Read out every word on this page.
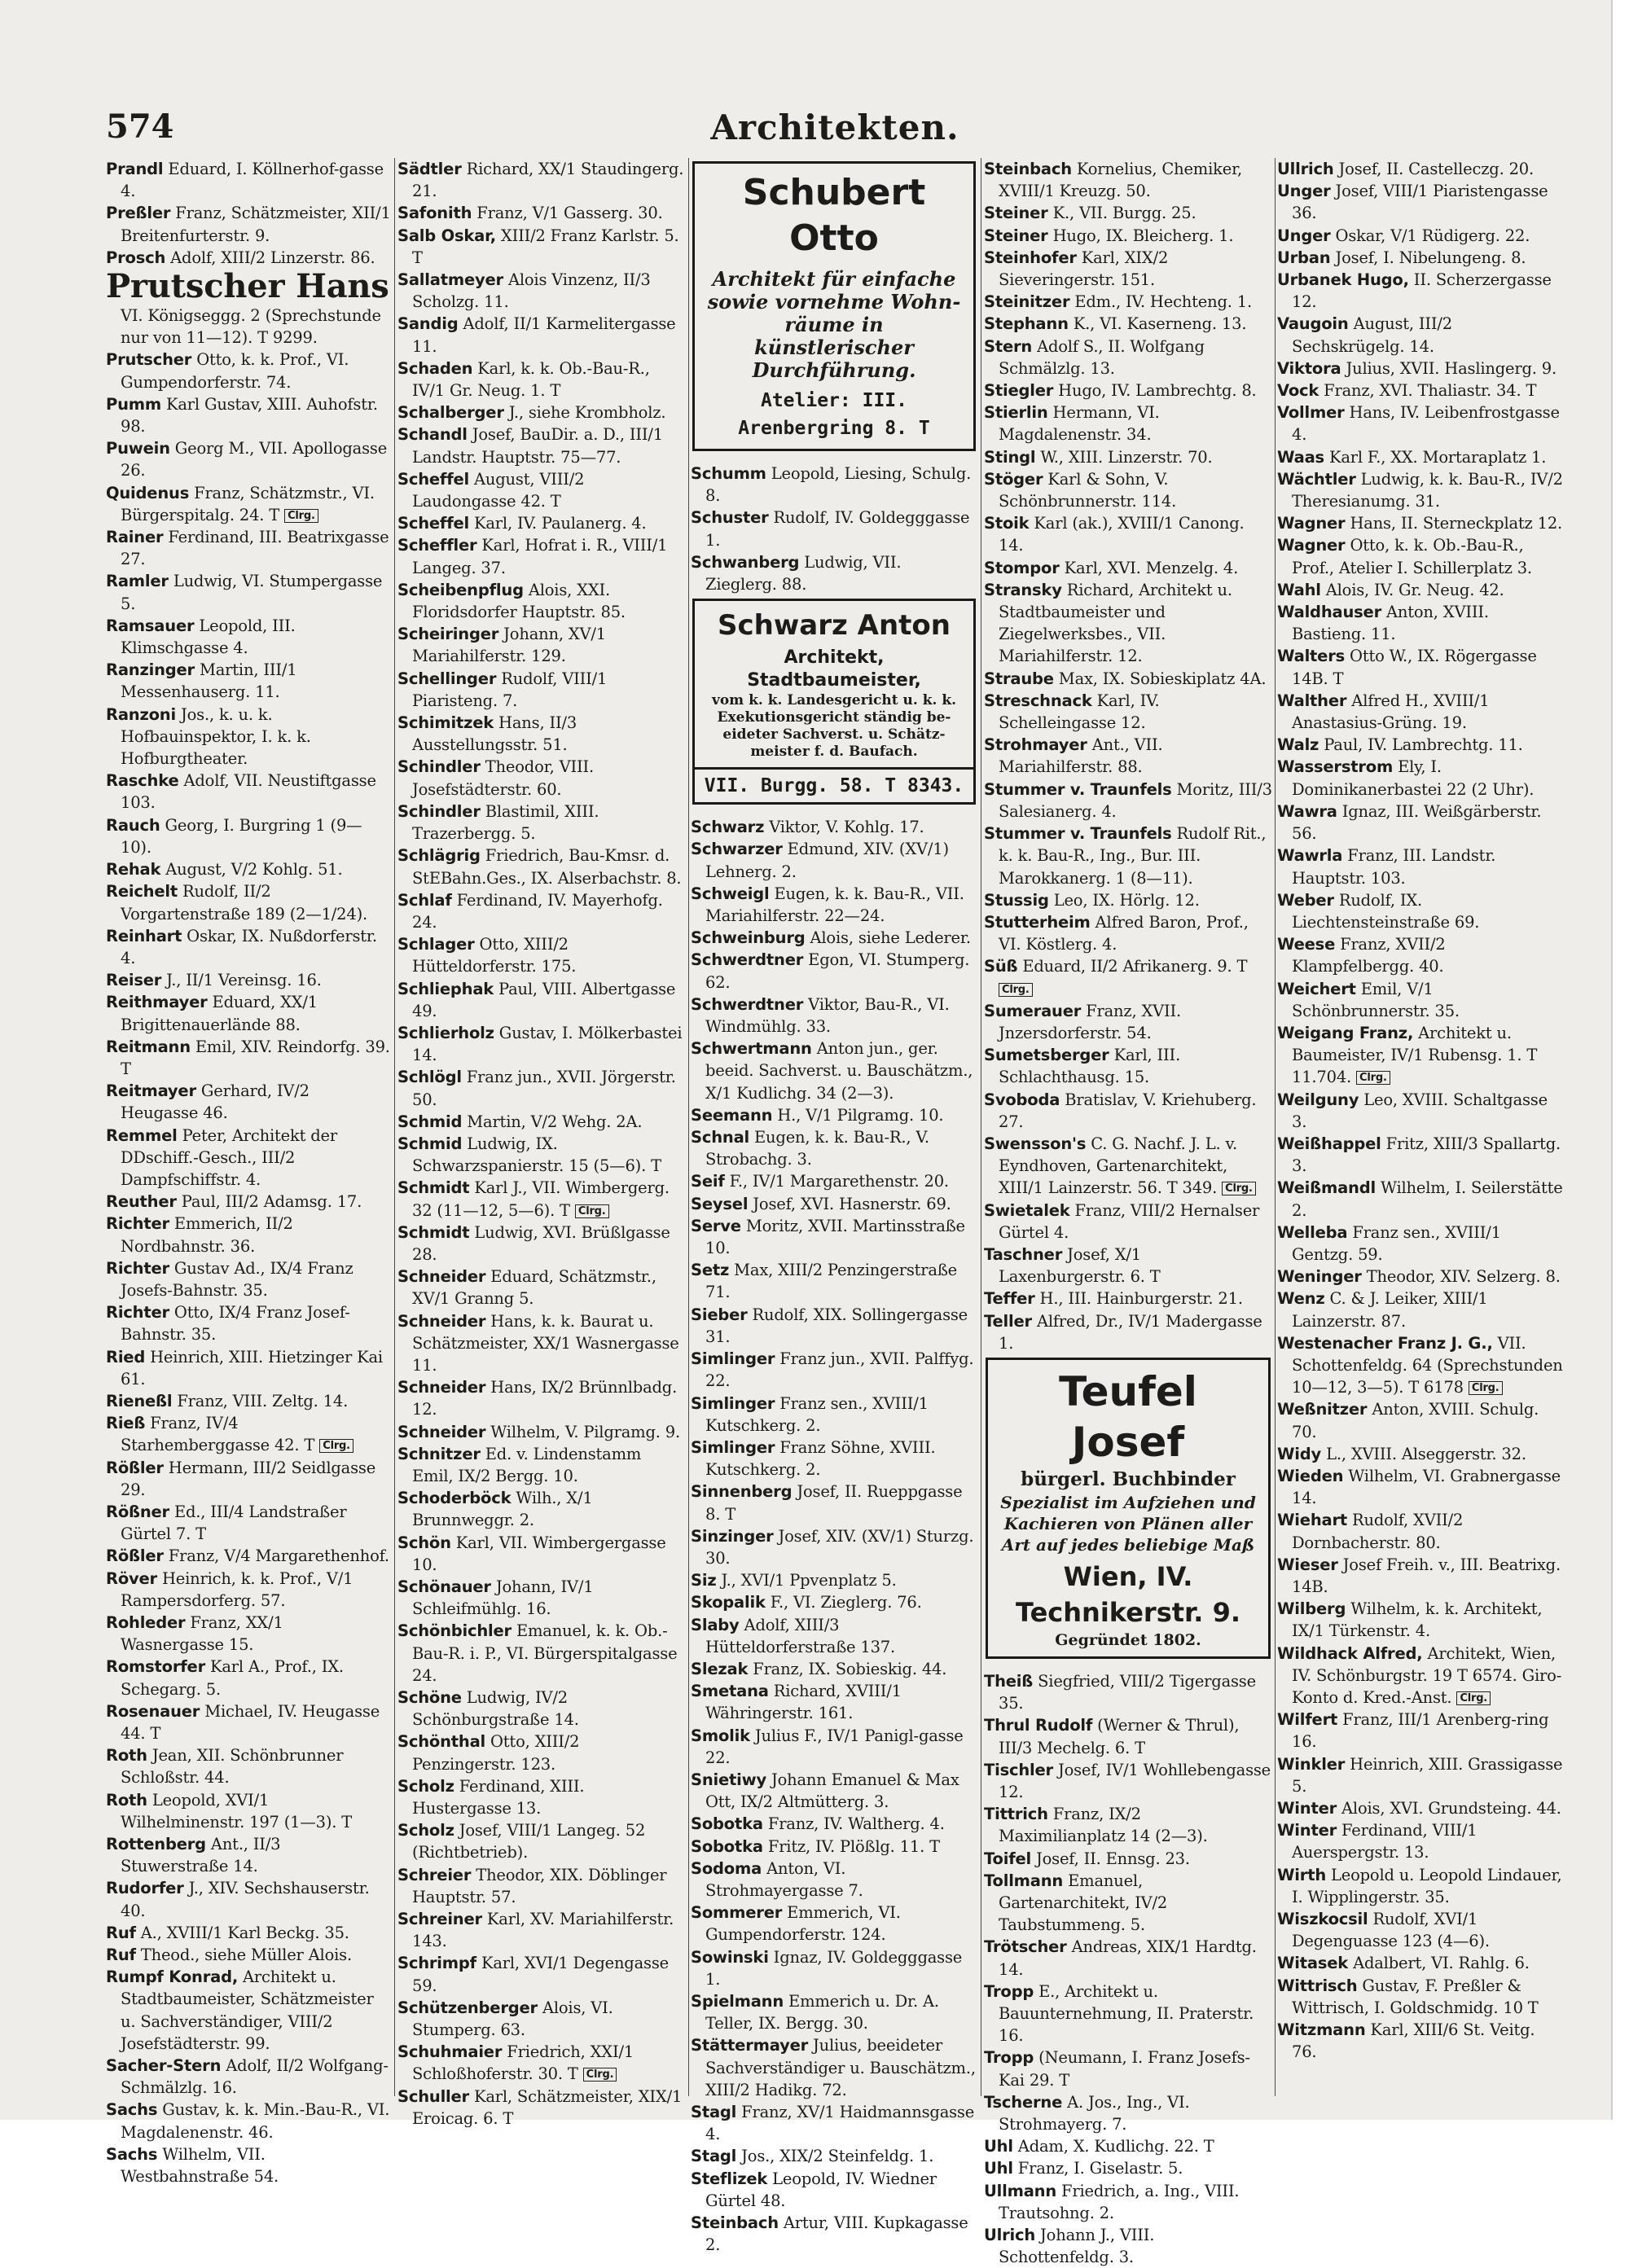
574	Architekten.
Prandl Eduard, I. Köllnerhof-gasse 4.
Preßler Franz, Schätzmeister, XII/1 Breitenfurterstr. 9.
Prosch Adolf, XIII/2 Linzerstr. 86.
Prutscher Hans
VI. Königseggg. 2 (Sprechstunde nur von 11—12). T 9299.
Prutscher Otto, k. k. Prof., VI. Gumpendorferstr. 74.
Pumm Karl Gustav, XIII. Auhofstr. 98.
Puwein Georg M., VII. Apollogasse 26.
Quidenus Franz, Schätzmstr., VI. Bürgerspitalg. 24. T Clrg.
Rainer Ferdinand, III. Beatrixgasse 27.
Ramler Ludwig, VI. Stumpergasse 5.
Ramsauer Leopold, III. Klimschgasse 4.
Ranzinger Martin, III/1 Messenhauserg. 11.
Ranzoni Jos., k. u. k. Hofbauinspektor, I. k. k. Hofburgtheater.
Raschke Adolf, VII. Neustiftgasse 103.
Rauch Georg, I. Burgring 1 (9—10).
Rehak August, V/2 Kohlg. 51.
Reichelt Rudolf, II/2 Vorgartenstraße 189 (2—1/24).
Reinhart Oskar, IX. Nußdorferstr. 4.
Reiser J., II/1 Vereinsg. 16.
Reithmayer Eduard, XX/1 Brigittenauerlände 88.
Reitmann Emil, XIV. Reindorfg. 39. T
Reitmayer Gerhard, IV/2 Heugasse 46.
Remmel Peter, Architekt der DDschiff.-Gesch., III/2 Dampfschiffstr. 4.
Reuther Paul, III/2 Adamsg. 17.
Richter Emmerich, II/2 Nordbahnstr. 36.
Richter Gustav Ad., IX/4 Franz Josefs-Bahnstr. 35.
Richter Otto, IX/4 Franz Josef-Bahnstr. 35.
Ried Heinrich, XIII. Hietzinger Kai 61.
Rieneßl Franz, VIII. Zeltg. 14.
Rieß Franz, IV/4 Starhemberggasse 42. T Clrg.
Rößler Hermann, III/2 Seidlgasse 29.
Rößner Ed., III/4 Landstraßer Gürtel 7. T
Rößler Franz, V/4 Margarethenhof.
Röver Heinrich, k. k. Prof., V/1 Rampersdorferg. 57.
Rohleder Franz, XX/1 Wasnergasse 15.
Romstorfer Karl A., Prof., IX. Schegarg. 5.
Rosenauer Michael, IV. Heugasse 44. T
Roth Jean, XII. Schönbrunner Schloßstr. 44.
Roth Leopold, XVI/1 Wilhelminenstr. 197 (1—3). T
Rottenberg Ant., II/3 Stuwerstraße 14.
Rudorfer J., XIV. Sechshauserstr. 40.
Ruf A., XVIII/1 Karl Beckg. 35.
Ruf Theod., siehe Müller Alois.
Rumpf Konrad, Architekt u. Stadtbaumeister, Schätzmeister u. Sachverständiger, VIII/2 Josefstädterstr. 99.
Sacher-Stern Adolf, II/2 Wolfgang-Schmälzlg. 16.
Sachs Gustav, k. k. Min.-Bau-R., VI. Magdalenenstr. 46.
Sachs Wilhelm, VII. Westbahnstraße 54.
Sädtler Richard, XX/1 Staudingerg. 21.
Safonith Franz, V/1 Gasserg. 30.
Salb Oskar, XIII/2 Franz Karlstr. 5. T
Sallatmeyer Alois Vinzenz, II/3 Scholzg. 11.
Sandig Adolf, II/1 Karmelitergasse 11.
Schaden Karl, k. k. Ob.-Bau-R., IV/1 Gr. Neug. 1. T
Schalberger J., siehe Krombholz.
Schandl Josef, BauDir. a. D., III/1 Landstr. Hauptstr. 75—77.
Scheffel August, VIII/2 Laudongasse 42. T
Scheffel Karl, IV. Paulanerg. 4.
Scheffler Karl, Hofrat i. R., VIII/1 Langeg. 37.
Scheibenpflug Alois, XXI. Floridsdorfer Hauptstr. 85.
Scheiringer Johann, XV/1 Mariahilferstr. 129.
Schellinger Rudolf, VIII/1 Piaristeng. 7.
Schimitzek Hans, II/3 Ausstellungsstr. 51.
Schindler Theodor, VIII. Josefstädterstr. 60.
Schindler Blastimil, XIII. Trazerbergg. 5.
Schlägrig Friedrich, Bau-Kmsr. d. StEBahn.Ges., IX. Alserbachstr. 8.
Schlaf Ferdinand, IV. Mayerhofg. 24.
Schlager Otto, XIII/2 Hütteldorferstr. 175.
Schliephak Paul, VIII. Albertgasse 49.
Schlierholz Gustav, I. Mölkerbastei 14.
Schlögl Franz jun., XVII. Jörgerstr. 50.
Schmid Martin, V/2 Wehg. 2A.
Schmid Ludwig, IX. Schwarzspanierstr. 15 (5—6). T
Schmidt Karl J., VII. Wimbergerg. 32 (11—12, 5—6). T Clrg.
Schmidt Ludwig, XVI. Brüßlgasse 28.
Schneider Eduard, Schätzmstr., XV/1 Granng 5.
Schneider Hans, k. k. Baurat u. Schätzmeister, XX/1 Wasnergasse 11.
Schneider Hans, IX/2 Brünnlbadg. 12.
Schneider Wilhelm, V. Pilgramg. 9.
Schnitzer Ed. v. Lindenstamm Emil, IX/2 Bergg. 10.
Schoderböck Wilh., X/1 Brunnweggr. 2.
Schön Karl, VII. Wimbergergasse 10.
Schönauer Johann, IV/1 Schleifmühlg. 16.
Schönbichler Emanuel, k. k. Ob.-Bau-R. i. P., VI. Bürgerspitalgasse 24.
Schöne Ludwig, IV/2 Schönburgstraße 14.
Schönthal Otto, XIII/2 Penzingerstr. 123.
Scholz Ferdinand, XIII. Hustergasse 13.
Scholz Josef, VIII/1 Langeg. 52 (Richtbetrieb).
Schreier Theodor, XIX. Döblinger Hauptstr. 57.
Schreiner Karl, XV. Mariahilferstr. 143.
Schrimpf Karl, XVI/1 Degengasse 59.
Schützenberger Alois, VI. Stumperg. 63.
Schuhmaier Friedrich, XXI/1 Schloßhoferstr. 30. T Clrg.
Schuller Karl, Schätzmeister, XIX/1 Eroicag. 6. T
Schubert Otto
Architekt für einfache
sowie vornehme Wohn-
räume in künstlerischer
Durchführung.
Atelier: III. Arenbergring 8. T
Schumm Leopold, Liesing, Schulg. 8.
Schuster Rudolf, IV. Goldegggasse 1.
Schwanberg Ludwig, VII. Zieglerg. 88.
Schwarz Anton
Architekt, Stadtbaumeister,
vom k. k. Landesgericht u. k. k.
Exekutionsgericht ständig be-
eideter Sachverst. u. Schätz-
meister f. d. Baufach.
VII. Burgg. 58. T 8343.
Schwarz Viktor, V. Kohlg. 17.
Schwarzer Edmund, XIV. (XV/1) Lehnerg. 2.
Schweigl Eugen, k. k. Bau-R., VII. Mariahilferstr. 22—24.
Schweinburg Alois, siehe Lederer.
Schwerdtner Egon, VI. Stumperg. 62.
Schwerdtner Viktor, Bau-R., VI. Windmühlg. 33.
Schwertmann Anton jun., ger. beeid. Sachverst. u. Bauschätzm., X/1 Kudlichg. 34 (2—3).
Seemann H., V/1 Pilgramg. 10.
Schnal Eugen, k. k. Bau-R., V. Strobachg. 3.
Seif F., IV/1 Margarethenstr. 20.
Seysel Josef, XVI. Hasnerstr. 69.
Serve Moritz, XVII. Martinsstraße 10.
Setz Max, XIII/2 Penzingerstraße 71.
Sieber Rudolf, XIX. Sollingergasse 31.
Simlinger Franz jun., XVII. Palffyg. 22.
Simlinger Franz sen., XVIII/1 Kutschkerg. 2.
Simlinger Franz Söhne, XVIII. Kutschkerg. 2.
Sinnenberg Josef, II. Rueppgasse 8. T
Sinzinger Josef, XIV. (XV/1) Sturzg. 30.
Siz J., XVI/1 Ppvenplatz 5.
Skopalik F., VI. Zieglerg. 76.
Slaby Adolf, XIII/3 Hütteldorferstraße 137.
Slezak Franz, IX. Sobieskig. 44.
Smetana Richard, XVIII/1 Währingerstr. 161.
Smolik Julius F., IV/1 Panigl-gasse 22.
Snietiwy Johann Emanuel & Max Ott, IX/2 Altmütterg. 3.
Sobotka Franz, IV. Waltherg. 4.
Sobotka Fritz, IV. Plößlg. 11. T
Sodoma Anton, VI. Strohmayergasse 7.
Sommerer Emmerich, VI. Gumpendorferstr. 124.
Sowinski Ignaz, IV. Goldegggasse 1.
Spielmann Emmerich u. Dr. A. Teller, IX. Bergg. 30.
Stättermayer Julius, beeideter Sachverständiger u. Bauschätzm., XIII/2 Hadikg. 72.
Stagl Franz, XV/1 Haidmannsgasse 4.
Stagl Jos., XIX/2 Steinfeldg. 1.
Steflizek Leopold, IV. Wiedner Gürtel 48.
Steinbach Artur, VIII. Kupkagasse 2.
Steinbach Kornelius, Chemiker, XVIII/1 Kreuzg. 50.
Steiner K., VII. Burgg. 25.
Steiner Hugo, IX. Bleicherg. 1.
Steinhofer Karl, XIX/2 Sieveringerstr. 151.
Steinitzer Edm., IV. Hechteng. 1.
Stephann K., VI. Kaserneng. 13.
Stern Adolf S., II. Wolfgang Schmälzlg. 13.
Stiegler Hugo, IV. Lambrechtg. 8.
Stierlin Hermann, VI. Magdalenenstr. 34.
Stingl W., XIII. Linzerstr. 70.
Stöger Karl & Sohn, V. Schönbrunnerstr. 114.
Stoik Karl (ak.), XVIII/1 Canong. 14.
Stompor Karl, XVI. Menzelg. 4.
Stransky Richard, Architekt u. Stadtbaumeister und Ziegelwerksbes., VII. Mariahilferstr. 12.
Straube Max, IX. Sobieskiplatz 4A.
Streschnack Karl, IV. Schelleingasse 12.
Strohmayer Ant., VII. Mariahilferstr. 88.
Stummer v. Traunfels Moritz, III/3 Salesianerg. 4.
Stummer v. Traunfels Rudolf Rit., k. k. Bau-R., Ing., Bur. III. Marokkanerg. 1 (8—11).
Stussig Leo, IX. Hörlg. 12.
Stutterheim Alfred Baron, Prof., VI. Köstlerg. 4.
Süß Eduard, II/2 Afrikanerg. 9. T Clrg.
Sumerauer Franz, XVII. Jnzersdorferstr. 54.
Sumetsberger Karl, III. Schlachthausg. 15.
Svoboda Bratislav, V. Kriehuberg. 27.
Swensson's C. G. Nachf. J. L. v. Eyndhoven, Gartenarchitekt, XIII/1 Lainzerstr. 56. T 349. Clrg.
Swietalek Franz, VIII/2 Hernalser Gürtel 4.
Taschner Josef, X/1 Laxenburgerstr. 6. T
Teffer H., III. Hainburgerstr. 21.
Teller Alfred, Dr., IV/1 Madergasse 1.
Teufel Josef
bürgerl. Buchbinder
Spezialist im Aufziehen und
Kachieren von Plänen aller
Art auf jedes beliebige Maß
Wien, IV. Technikerstr. 9.
Gegründet 1802.
Theiß Siegfried, VIII/2 Tigergasse 35.
Thrul Rudolf (Werner & Thrul), III/3 Mechelg. 6. T
Tischler Josef, IV/1 Wohllebengasse 12.
Tittrich Franz, IX/2 Maximilianplatz 14 (2—3).
Toifel Josef, II. Ennsg. 23.
Tollmann Emanuel, Gartenarchitekt, IV/2 Taubstummeng. 5.
Trötscher Andreas, XIX/1 Hardtg. 14.
Tropp E., Architekt u. Bauunternehmung, II. Praterstr. 16.
Tropp (Neumann, I. Franz Josefs-Kai 29. T
Tscherne A. Jos., Ing., VI. Strohmayerg. 7.
Uhl Adam, X. Kudlichg. 22. T
Uhl Franz, I. Giselastr. 5.
Ullmann Friedrich, a. Ing., VIII. Trautsohng. 2.
Ulrich Johann J., VIII. Schottenfeldg. 3.
Ullrich Josef, II. Castelleczg. 20.
Unger Josef, VIII/1 Piaristengasse 36.
Unger Oskar, V/1 Rüdigerg. 22.
Urban Josef, I. Nibelungeng. 8.
Urbanek Hugo, II. Scherzergasse 12.
Vaugoin August, III/2 Sechskrügelg. 14.
Viktora Julius, XVII. Haslingerg. 9.
Vock Franz, XVI. Thaliastr. 34. T
Vollmer Hans, IV. Leibenfrostgasse 4.
Waas Karl F., XX. Mortaraplatz 1.
Wächtler Ludwig, k. k. Bau-R., IV/2 Theresianumg. 31.
Wagner Hans, II. Sterneckplatz 12.
Wagner Otto, k. k. Ob.-Bau-R., Prof., Atelier I. Schillerplatz 3.
Wahl Alois, IV. Gr. Neug. 42.
Waldhauser Anton, XVIII. Bastieng. 11.
Walters Otto W., IX. Rögergasse 14B. T
Walther Alfred H., XVIII/1 Anastasius-Grüng. 19.
Walz Paul, IV. Lambrechtg. 11.
Wasserstrom Ely, I. Dominikanerbastei 22 (2 Uhr).
Wawra Ignaz, III. Weißgärberstr. 56.
Wawrla Franz, III. Landstr. Hauptstr. 103.
Weber Rudolf, IX. Liechtensteinstraße 69.
Weese Franz, XVII/2 Klampfelbergg. 40.
Weichert Emil, V/1 Schönbrunnerstr. 35.
Weigang Franz, Architekt u. Baumeister, IV/1 Rubensg. 1. T 11.704. Clrg.
Weilguny Leo, XVIII. Schaltgasse 3.
Weißhappel Fritz, XIII/3 Spallartg. 3.
Weißmandl Wilhelm, I. Seilerstätte 2.
Welleba Franz sen., XVIII/1 Gentzg. 59.
Weninger Theodor, XIV. Selzerg. 8.
Wenz C. & J. Leiker, XIII/1 Lainzerstr. 87.
Westenacher Franz J. G., VII. Schottenfeldg. 64 (Sprechstunden 10—12, 3—5). T 6178 Clrg.
Weßnitzer Anton, XVIII. Schulg. 70.
Widy L., XVIII. Alseggerstr. 32.
Wieden Wilhelm, VI. Grabnergasse 14.
Wiehart Rudolf, XVII/2 Dornbacherstr. 80.
Wieser Josef Freih. v., III. Beatrixg. 14B.
Wilberg Wilhelm, k. k. Architekt, IX/1 Türkenstr. 4.
Wildhack Alfred, Architekt, Wien, IV. Schönburgstr. 19 T 6574. Giro-Konto d. Kred.-Anst. Clrg.
Wilfert Franz, III/1 Arenberg-ring 16.
Winkler Heinrich, XIII. Grassigasse 5.
Winter Alois, XVI. Grundsteing. 44.
Winter Ferdinand, VIII/1 Auerspergstr. 13.
Wirth Leopold u. Leopold Lindauer, I. Wipplingerstr. 35.
Wiszkocsil Rudolf, XVI/1 Degenguasse 123 (4—6).
Witasek Adalbert, VI. Rahlg. 6.
Wittrisch Gustav, F. Preßler & Wittrisch, I. Goldschmidg. 10 T
Witzmann Karl, XIII/6 St. Veitg. 76.
